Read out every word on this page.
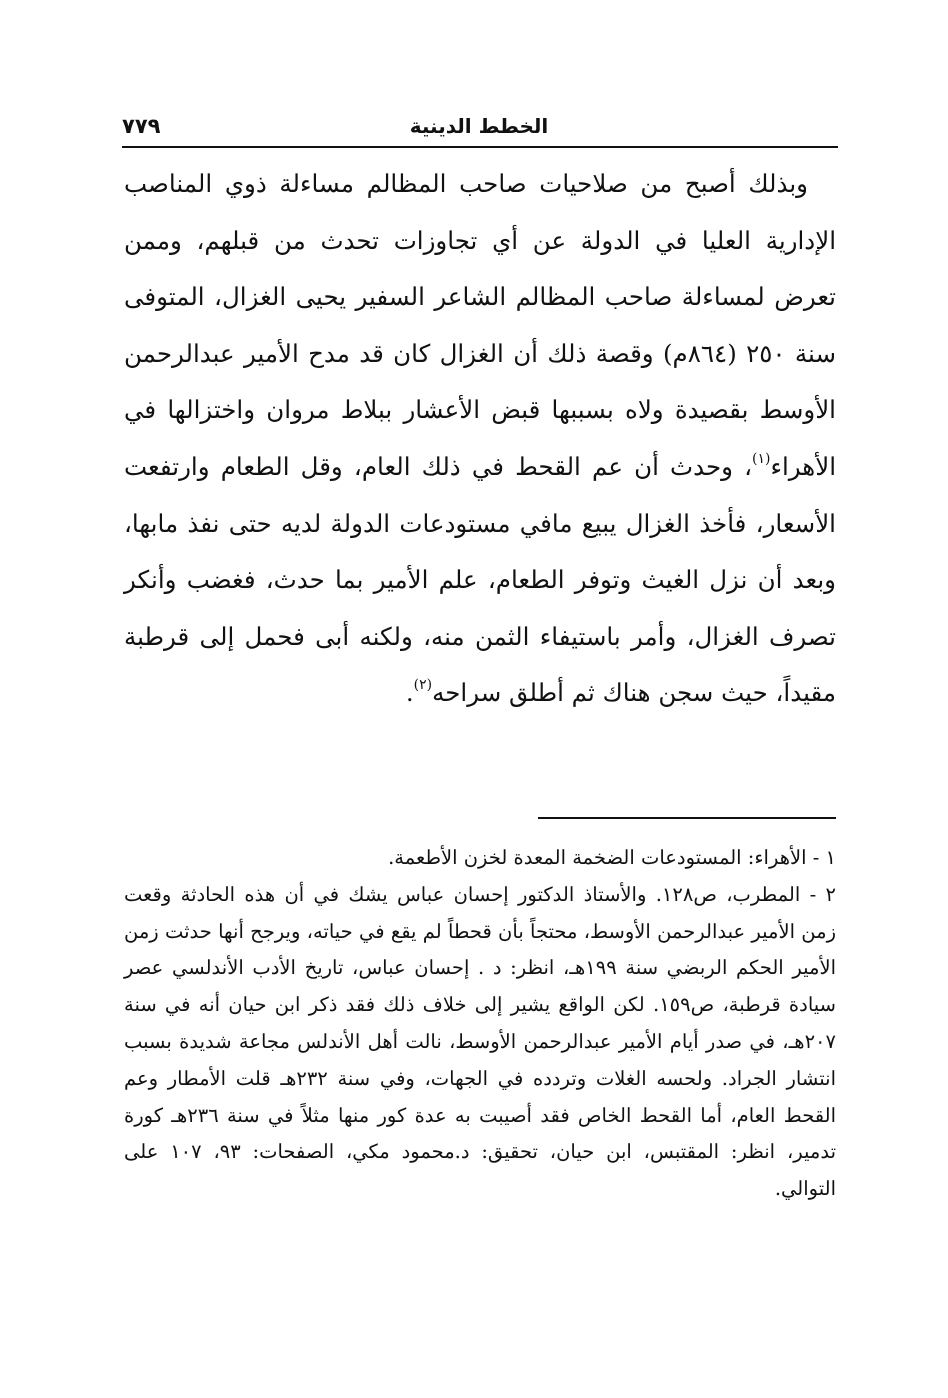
الخطط الدينية
٧٧٩

وبذلك أصبح من صلاحيات صاحب المظالم مساءلة ذوي المناصب الإدارية العليا في الدولة عن أي تجاوزات تحدث من قبلهم، وممن تعرض لمساءلة صاحب المظالم الشاعر السفير يحيى الغزال، المتوفى سنة ٢٥٠ (٨٦٤م) وقصة ذلك أن الغزال كان قد مدح الأمير عبدالرحمن الأوسط بقصيدة ولاه بسببها قبض الأعشار ببلاط مروان واختزالها في الأهراء$^{(١)}$، وحدث أن عم القحط في ذلك العام، وقل الطعام وارتفعت الأسعار، فأخذ الغزال يبيع مافي مستودعات الدولة لديه حتى نفذ مابها، وبعد أن نزل الغيث وتوفر الطعام، علم الأمير بما حدث، فغضب وأنكر تصرف الغزال، وأمر باستيفاء الثمن منه، ولكنه أبى فحمل إلى قرطبة مقيداً، حيث سجن هناك ثم أطلق سراحه$^{(٢)}$.

١ - الأهراء: المستودعات الضخمة المعدة لخزن الأطعمة.

٢ - المطرب، ص١٢٨. والأستاذ الدكتور إحسان عباس يشك في أن هذه الحادثة وقعت زمن الأمير عبدالرحمن الأوسط، محتجاً بأن قحطاً لم يقع في حياته، ويرجح أنها حدثت زمن الأمير الحكم الربضي سنة ١٩٩هـ، انظر: د . إحسان عباس، تاريخ الأدب الأندلسي عصر سيادة قرطبة، ص١٥٩. لكن الواقع يشير إلى خلاف ذلك فقد ذكر ابن حيان أنه في سنة ٢٠٧هـ، في صدر أيام الأمير عبدالرحمن الأوسط، نالت أهل الأندلس مجاعة شديدة بسبب انتشار الجراد. ولحسه الغلات وتردده في الجهات، وفي سنة ٢٣٢هـ قلت الأمطار وعم القحط العام، أما القحط الخاص فقد أصيبت به عدة كور منها مثلاً في سنة ٢٣٦هـ كورة تدمير، انظر: المقتبس، ابن حيان، تحقيق: د.محمود مكي، الصفحات: ٩٣، ١٠٧ على التوالي.
